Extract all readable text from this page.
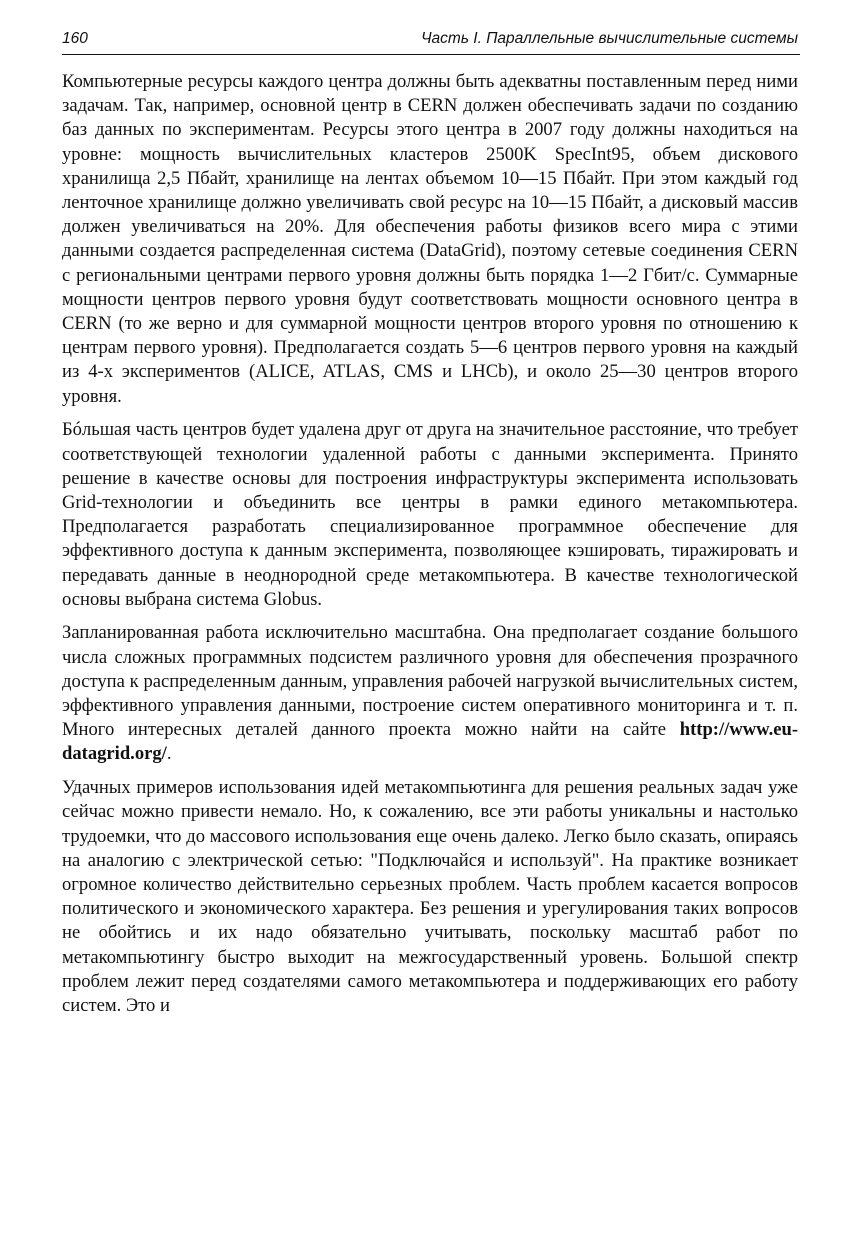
160	Часть I. Параллельные вычислительные системы

Компьютерные ресурсы каждого центра должны быть адекватны поставленным перед ними задачам. Так, например, основной центр в CERN должен обеспечивать задачи по созданию баз данных по экспериментам. Ресурсы этого центра в 2007 году должны находиться на уровне: мощность вычислительных кластеров 2500K SpecInt95, объем дискового хранилища 2,5 Пбайт, хранилище на лентах объемом 10—15 Пбайт. При этом каждый год ленточное хранилище должно увеличивать свой ресурс на 10—15 Пбайт, а дисковый массив должен увеличиваться на 20%. Для обеспечения работы физиков всего мира с этими данными создается распределенная система (DataGrid), поэтому сетевые соединения CERN с региональными центрами первого уровня должны быть порядка 1—2 Гбит/с. Суммарные мощности центров первого уровня будут соответствовать мощности основного центра в CERN (то же верно и для суммарной мощности центров второго уровня по отношению к центрам первого уровня). Предполагается создать 5—6 центров первого уровня на каждый из 4-х экспериментов (ALICE, ATLAS, CMS и LHCb), и около 25—30 центров второго уровня.

Бóльшая часть центров будет удалена друг от друга на значительное расстояние, что требует соответствующей технологии удаленной работы с данными эксперимента. Принято решение в качестве основы для построения инфраструктуры эксперимента использовать Grid-технологии и объединить все центры в рамки единого метакомпьютера. Предполагается разработать специализированное программное обеспечение для эффективного доступа к данным эксперимента, позволяющее кэшировать, тиражировать и передавать данные в неоднородной среде метакомпьютера. В качестве технологической основы выбрана система Globus.

Запланированная работа исключительно масштабна. Она предполагает создание большого числа сложных программных подсистем различного уровня для обеспечения прозрачного доступа к распределенным данным, управления рабочей нагрузкой вычислительных систем, эффективного управления данными, построение систем оперативного мониторинга и т. п. Много интересных деталей данного проекта можно найти на сайте http://www.eu-datagrid.org/.

Удачных примеров использования идей метакомпьютинга для решения реальных задач уже сейчас можно привести немало. Но, к сожалению, все эти работы уникальны и настолько трудоемки, что до массового использования еще очень далеко. Легко было сказать, опираясь на аналогию с электрической сетью: "Подключайся и используй". На практике возникает огромное количество действительно серьезных проблем. Часть проблем касается вопросов политического и экономического характера. Без решения и урегулирования таких вопросов не обойтись и их надо обязательно учитывать, поскольку масштаб работ по метакомпьютингу быстро выходит на межгосударственный уровень. Большой спектр проблем лежит перед создателями самого метакомпьютера и поддерживающих его работу систем. Это и
